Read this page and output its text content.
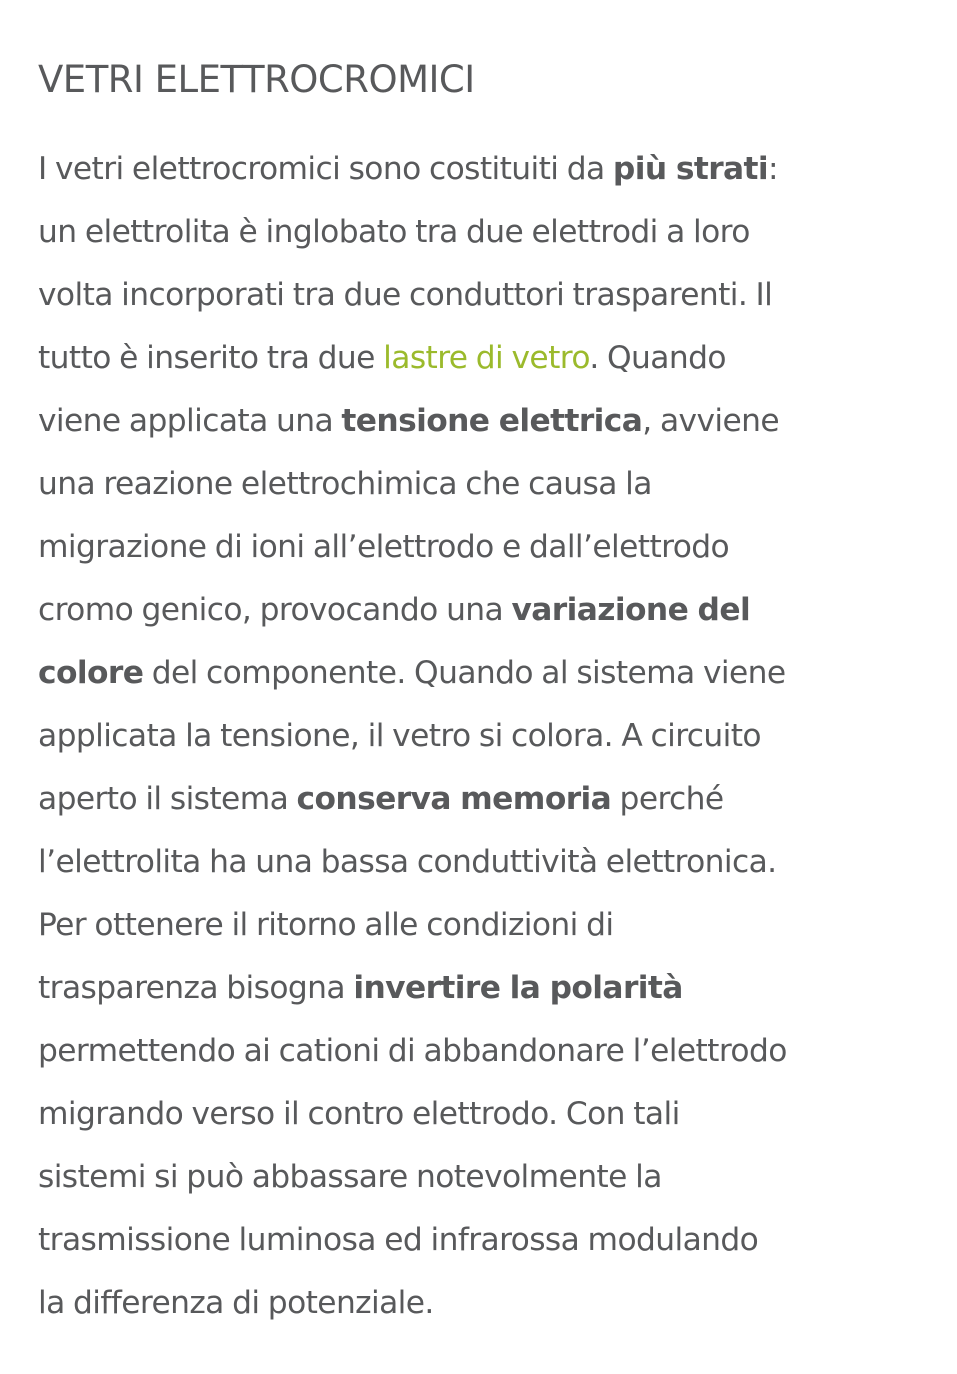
VETRI ELETTROCROMICI
I vetri elettrocromici sono costituiti da più strati:
un elettrolita è inglobato tra due elettrodi a loro
volta incorporati tra due conduttori trasparenti. Il
tutto è inserito tra due lastre di vetro. Quando
viene applicata una tensione elettrica, avviene
una reazione elettrochimica che causa la
migrazione di ioni all’elettrodo e dall’elettrodo
cromo genico, provocando una variazione del
colore del componente. Quando al sistema viene
applicata la tensione, il vetro si colora. A circuito
aperto il sistema conserva memoria perché
l’elettrolita ha una bassa conduttività elettronica.
Per ottenere il ritorno alle condizioni di
trasparenza bisogna invertire la polarità
permettendo ai cationi di abbandonare l’elettrodo
migrando verso il contro elettrodo. Con tali
sistemi si può abbassare notevolmente la
trasmissione luminosa ed infrarossa modulando
la differenza di potenziale.
